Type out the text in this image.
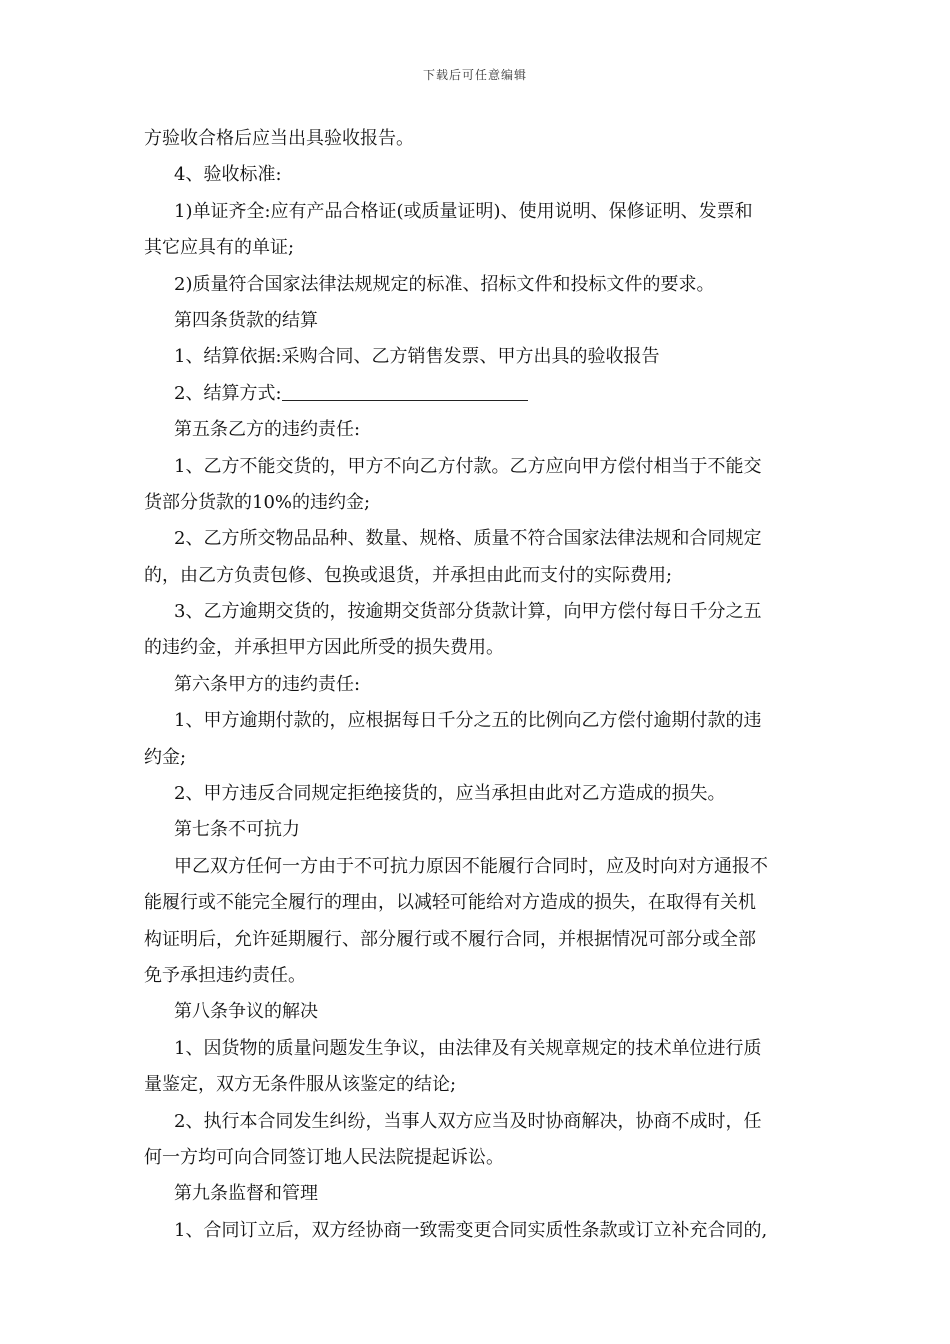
下载后可任意编辑

方验收合格后应当出具验收报告。

4、验收标准:

1)单证齐全:应有产品合格证(或质量证明)、使用说明、保修证明、发票和

其它应具有的单证;

2)质量符合国家法律法规规定的标准、招标文件和投标文件的要求。

第四条货款的结算

1、结算依据:采购合同、乙方销售发票、甲方出具的验收报告

2、结算方式:

第五条乙方的违约责任:

1、乙方不能交货的，甲方不向乙方付款。乙方应向甲方偿付相当于不能交

货部分货款的10%的违约金;

2、乙方所交物品品种、数量、规格、质量不符合国家法律法规和合同规定

的，由乙方负责包修、包换或退货，并承担由此而支付的实际费用;

3、乙方逾期交货的，按逾期交货部分货款计算，向甲方偿付每日千分之五

的违约金，并承担甲方因此所受的损失费用。

第六条甲方的违约责任:

1、甲方逾期付款的，应根据每日千分之五的比例向乙方偿付逾期付款的违

约金;

2、甲方违反合同规定拒绝接货的，应当承担由此对乙方造成的损失。

第七条不可抗力

甲乙双方任何一方由于不可抗力原因不能履行合同时，应及时向对方通报不

能履行或不能完全履行的理由，以减轻可能给对方造成的损失，在取得有关机

构证明后，允许延期履行、部分履行或不履行合同，并根据情况可部分或全部

免予承担违约责任。

第八条争议的解决

1、因货物的质量问题发生争议，由法律及有关规章规定的技术单位进行质

量鉴定，双方无条件服从该鉴定的结论;

2、执行本合同发生纠纷，当事人双方应当及时协商解决，协商不成时，任

何一方均可向合同签订地人民法院提起诉讼。

第九条监督和管理

1、合同订立后，双方经协商一致需变更合同实质性条款或订立补充合同的,
